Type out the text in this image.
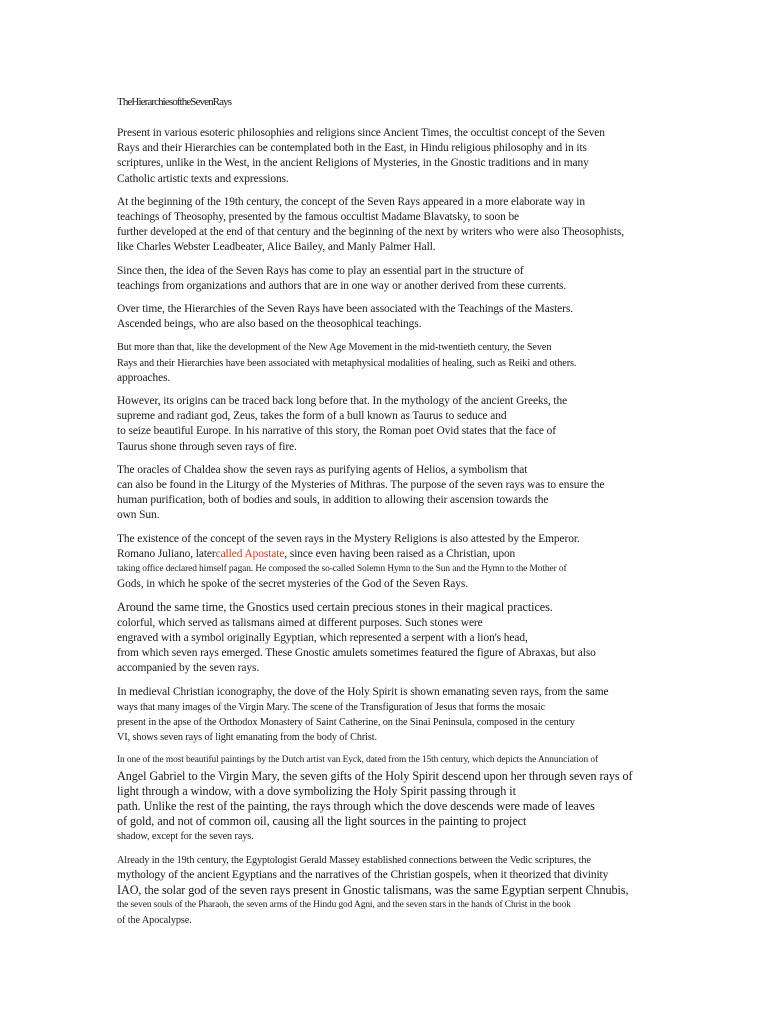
TheHierarchiesoftheSevenRays

Present in various esoteric philosophies and religions since Ancient Times, the occultist concept of the Seven
Rays and their Hierarchies can be contemplated both in the East, in Hindu religious philosophy and in its
scriptures, unlike in the West, in the ancient Religions of Mysteries, in the Gnostic traditions and in many
Catholic artistic texts and expressions.

At the beginning of the 19th century, the concept of the Seven Rays appeared in a more elaborate way in
teachings of Theosophy, presented by the famous occultist Madame Blavatsky, to soon be
further developed at the end of that century and the beginning of the next by writers who were also Theosophists,
like Charles Webster Leadbeater, Alice Bailey, and Manly Palmer Hall.

Since then, the idea of the Seven Rays has come to play an essential part in the structure of
teachings from organizations and authors that are in one way or another derived from these currents.

Over time, the Hierarchies of the Seven Rays have been associated with the Teachings of the Masters.
Ascended beings, who are also based on the theosophical teachings.

But more than that, like the development of the New Age Movement in the mid-twentieth century, the Seven
Rays and their Hierarchies have been associated with metaphysical modalities of healing, such as Reiki and others.
approaches.

However, its origins can be traced back long before that. In the mythology of the ancient Greeks, the
supreme and radiant god, Zeus, takes the form of a bull known as Taurus to seduce and
to seize beautiful Europe. In his narrative of this story, the Roman poet Ovid states that the face of
Taurus shone through seven rays of fire.

The oracles of Chaldea show the seven rays as purifying agents of Helios, a symbolism that
can also be found in the Liturgy of the Mysteries of Mithras. The purpose of the seven rays was to ensure the
human purification, both of bodies and souls, in addition to allowing their ascension towards the
own Sun.

The existence of the concept of the seven rays in the Mystery Religions is also attested by the Emperor.
Romano Juliano, latercalled Apostate, since even having been raised as a Christian, upon
taking office declared himself pagan. He composed the so-called Solemn Hymn to the Sun and the Hymn to the Mother of
Gods, in which he spoke of the secret mysteries of the God of the Seven Rays.

Around the same time, the Gnostics used certain precious stones in their magical practices.
colorful, which served as talismans aimed at different purposes. Such stones were
engraved with a symbol originally Egyptian, which represented a serpent with a lion's head,
from which seven rays emerged. These Gnostic amulets sometimes featured the figure of Abraxas, but also
accompanied by the seven rays.

In medieval Christian iconography, the dove of the Holy Spirit is shown emanating seven rays, from the same
ways that many images of the Virgin Mary. The scene of the Transfiguration of Jesus that forms the mosaic
present in the apse of the Orthodox Monastery of Saint Catherine, on the Sinai Peninsula, composed in the century
VI, shows seven rays of light emanating from the body of Christ.

In one of the most beautiful paintings by the Dutch artist van Eyck, dated from the 15th century, which depicts the Annunciation of
Angel Gabriel to the Virgin Mary, the seven gifts of the Holy Spirit descend upon her through seven rays of
light through a window, with a dove symbolizing the Holy Spirit passing through it
path. Unlike the rest of the painting, the rays through which the dove descends were made of leaves
of gold, and not of common oil, causing all the light sources in the painting to project
shadow, except for the seven rays.

Already in the 19th century, the Egyptologist Gerald Massey established connections between the Vedic scriptures, the
mythology of the ancient Egyptians and the narratives of the Christian gospels, when it theorized that divinity
IAO, the solar god of the seven rays present in Gnostic talismans, was the same Egyptian serpent Chnubis,
the seven souls of the Pharaoh, the seven arms of the Hindu god Agni, and the seven stars in the hands of Christ in the book
of the Apocalypse.
